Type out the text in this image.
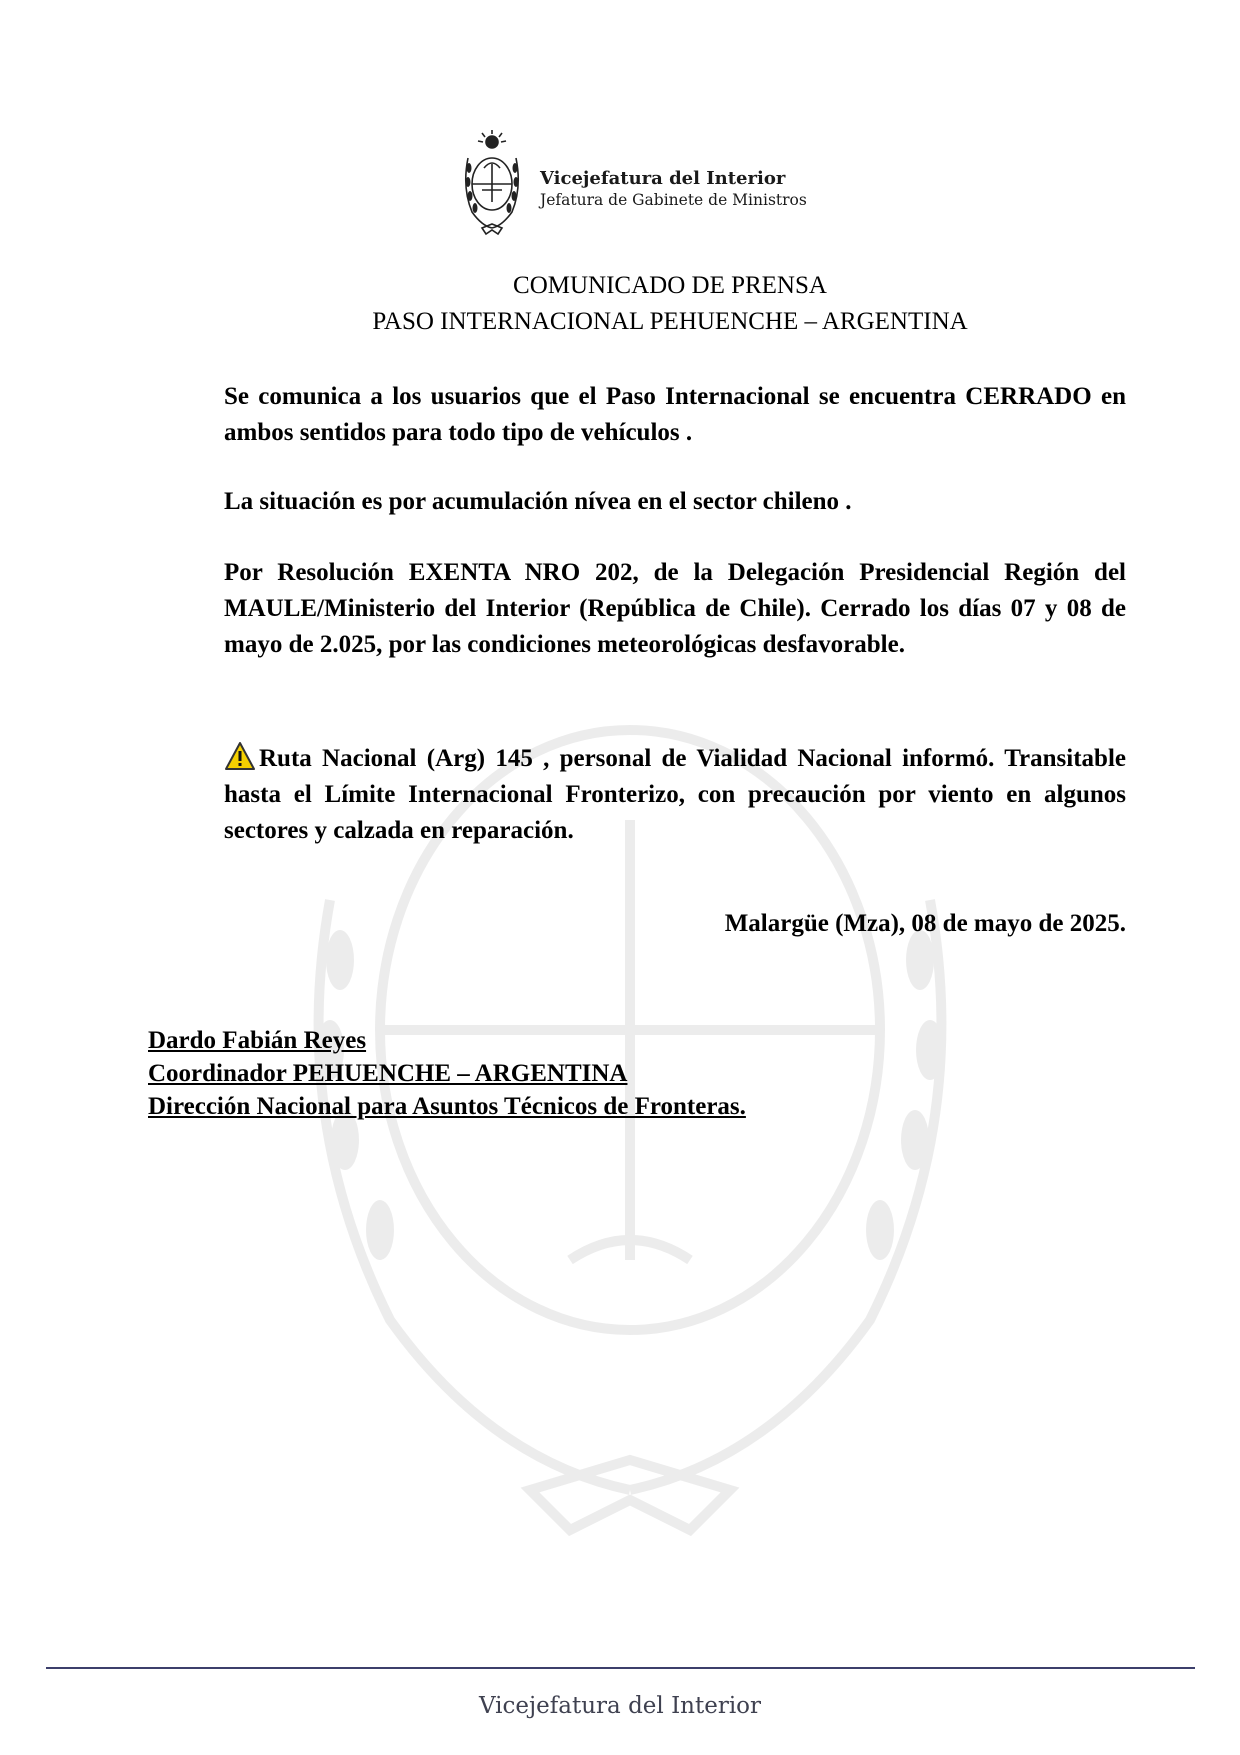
Vicejefatura del Interior
Jefatura de Gabinete de Ministros
COMUNICADO DE PRENSA
PASO INTERNACIONAL PEHUENCHE – ARGENTINA
Se comunica a los usuarios que el Paso Internacional se encuentra CERRADO en ambos sentidos para todo tipo de vehículos .
La situación es por acumulación nívea en el sector chileno .
Por Resolución EXENTA NRO 202, de la Delegación Presidencial Región del MAULE/Ministerio del Interior (República de Chile). Cerrado los días 07 y 08 de mayo de 2.025, por las condiciones meteorológicas desfavorable.
Ruta Nacional (Arg) 145 , personal de Vialidad Nacional informó. Transitable hasta el Límite Internacional Fronterizo, con precaución por viento en algunos sectores y calzada en reparación.
Malargüe (Mza), 08 de mayo de 2025.
Dardo Fabián Reyes
Coordinador PEHUENCHE – ARGENTINA
Dirección Nacional para Asuntos Técnicos de Fronteras.
Vicejefatura del Interior
